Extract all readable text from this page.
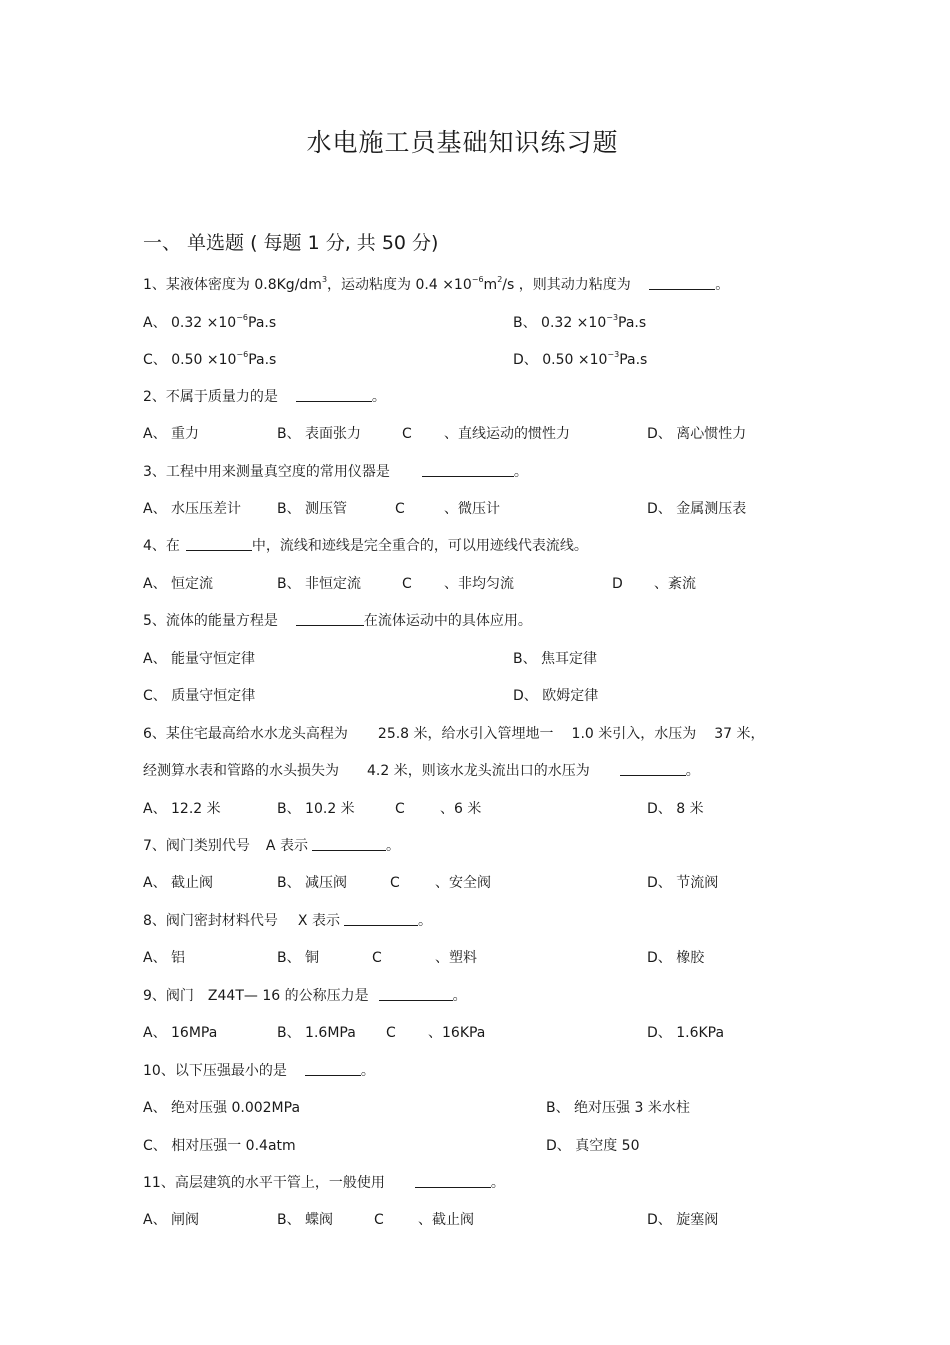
水电施工员基础知识练习题
一、 单选题 ( 每题 1 分, 共 50 分)
1、某液体密度为 $0.8Kg/dm^3$，运动粘度为 $0.4 \times 10^{-6}m^2/s$ ，则其动力粘度为	。
A、 $0.32 \times 10^{-6}Pa.s$	B、 $0.32 \times 10^{-3}Pa.s$
C、 $0.50 \times 10^{-6}Pa.s$	D、 $0.50 \times 10^{-3}Pa.s$
2、不属于质量力的是	。
A、 重力	B、 表面张力	C 、直线运动的惯性力	D、 离心惯性力
3、工程中用来测量真空度的常用仪器是	。
A、 水压压差计	B、 测压管	C	、微压计	D、 金属测压表
4、在	中，流线和迹线是完全重合的，可以用迹线代表流线。
A、 恒定流	B、 非恒定流	C 、非均匀流	D 、紊流
5、流体的能量方程是	在流体运动中的具体应用。
A、 能量守恒定律	B、 焦耳定律
C、 质量守恒定律	D、 欧姆定律
6、某住宅最高给水水龙头高程为 25.8 米，给水引入管埋地一 1.0 米引入，水压为 37 米，
经测算水表和管路的水头损失为 4.2 米，则该水龙头流出口的水压为	。
A、 12.2 米	B、 10.2 米	C	、6 米	D、 8 米
7、阀门类别代号 A 表示	。
A、 截止阀	B、 减压阀	C	、安全阀	D、 节流阀
8、阀门密封材料代号 X 表示	。
A、 铝	B、 铜	C	、塑料	D、 橡胶
9、阀门 Z44T— 16 的公称压力是	。
A、 16MPa	B、 1.6MPa C 、16KPa	D、 1.6KPa
10、以下压强最小的是	。
A、 绝对压强 0.002MPa	B、 绝对压强 3 米水柱
C、 相对压强一 0.4atm	D、 真空度 50
11、高层建筑的水平干管上，一般使用	。
A、 闸阀	B、 蝶阀	C 、截止阀	D、 旋塞阀
